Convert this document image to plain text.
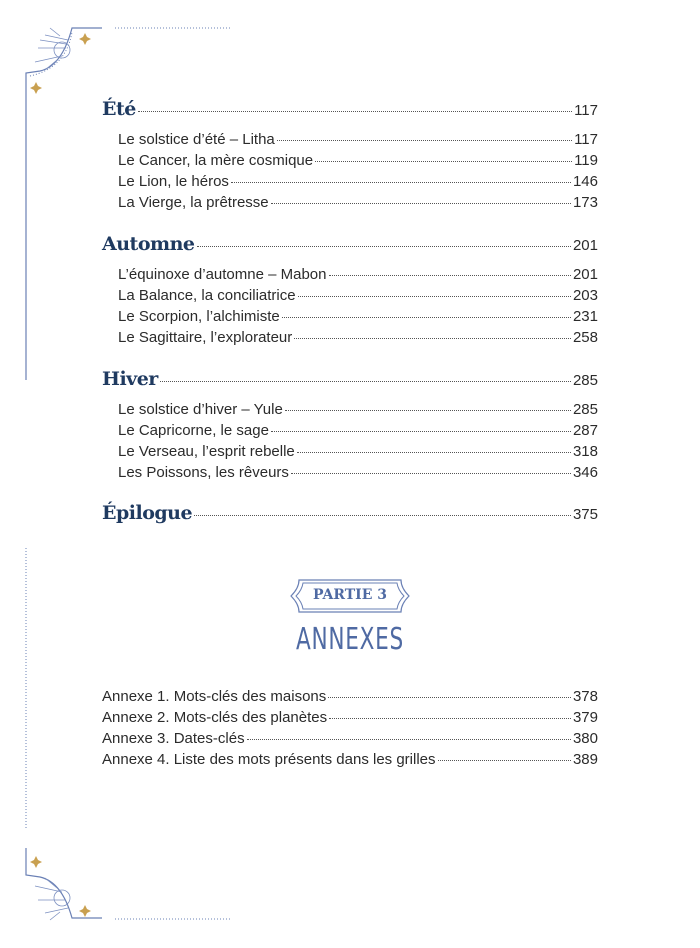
Été	117
Le solstice d’été – Litha	117
Le Cancer, la mère cosmique	119
Le Lion, le héros	146
La Vierge, la prêtresse	173
Automne	201
L’équinoxe d’automne – Mabon	201
La Balance, la conciliatrice	203
Le Scorpion, l’alchimiste	231
Le Sagittaire, l’explorateur	258
Hiver	285
Le solstice d’hiver – Yule	285
Le Capricorne, le sage	287
Le Verseau, l’esprit rebelle	318
Les Poissons, les rêveurs	346
Épilogue	375
Annexe 1. Mots-clés des maisons	378
Annexe 2. Mots-clés des planètes	379
Annexe 3. Dates-clés	380
Annexe 4. Liste des mots présents dans les grilles	389
PARTIE 3
ANNEXES
